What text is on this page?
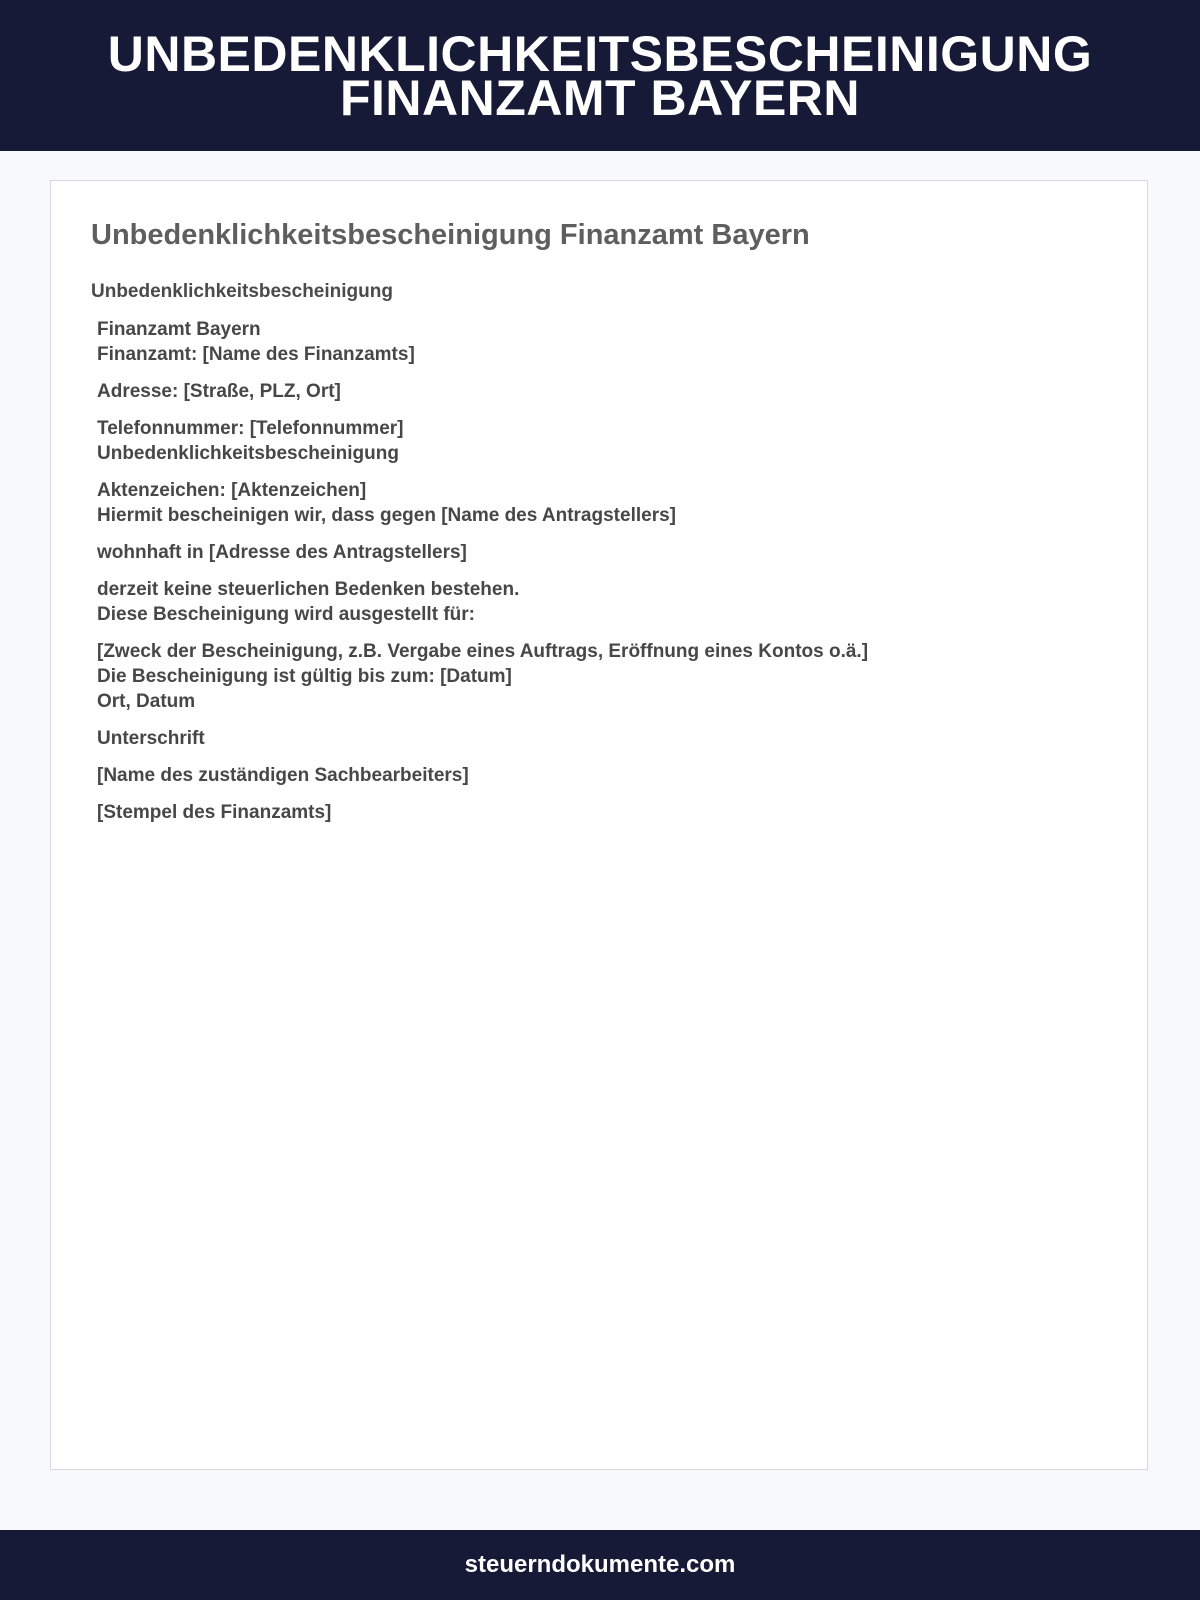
UNBEDENKLICHKEITSBESCHEINIGUNG
FINANZAMT BAYERN
Unbedenklichkeitsbescheinigung Finanzamt Bayern
Unbedenklichkeitsbescheinigung

Finanzamt Bayern
Finanzamt: [Name des Finanzamts]

Adresse: [Straße, PLZ, Ort]

Telefonnummer: [Telefonnummer]
Unbedenklichkeitsbescheinigung

Aktenzeichen: [Aktenzeichen]
Hiermit bescheinigen wir, dass gegen [Name des Antragstellers]

wohnhaft in [Adresse des Antragstellers]

derzeit keine steuerlichen Bedenken bestehen.
Diese Bescheinigung wird ausgestellt für:

[Zweck der Bescheinigung, z.B. Vergabe eines Auftrags, Eröffnung eines Kontos o.ä.]
Die Bescheinigung ist gültig bis zum: [Datum]
Ort, Datum

Unterschrift

[Name des zuständigen Sachbearbeiters]

[Stempel des Finanzamts]

steuerndokumente.com
